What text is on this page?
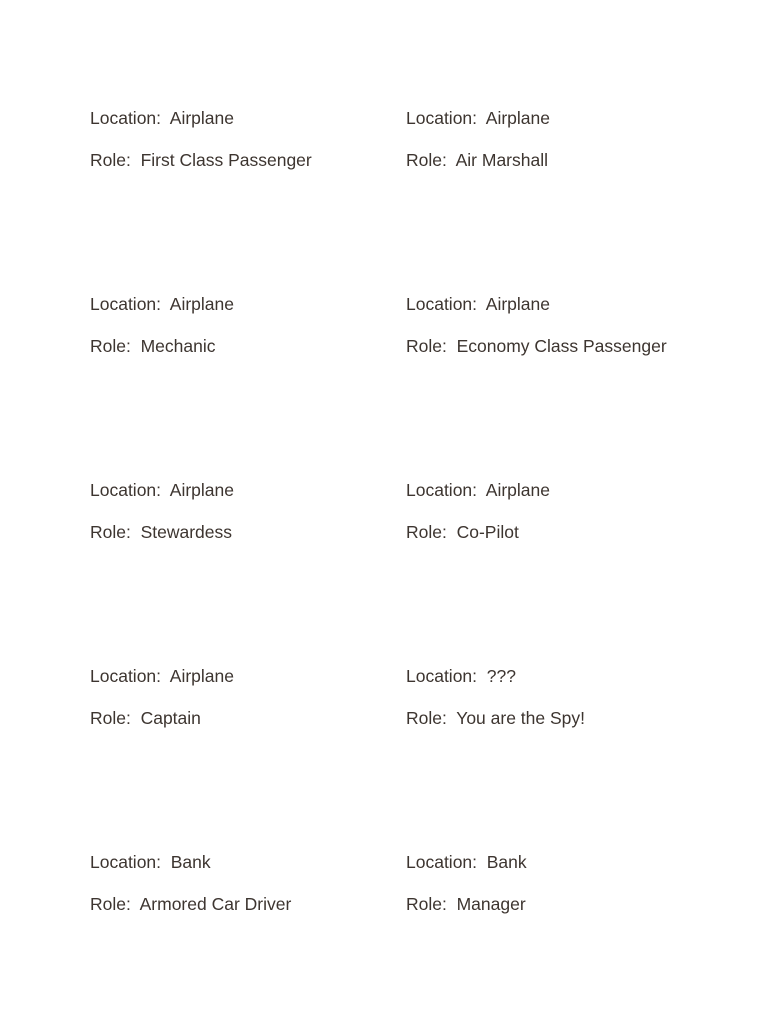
Location:  Airplane

Role:  First Class Passenger

Location:  Airplane

Role:  Air Marshall

Location:  Airplane

Role:  Mechanic

Location:  Airplane

Role:  Economy Class Passenger

Location:  Airplane

Role:  Stewardess

Location:  Airplane

Role:  Co-Pilot

Location:  Airplane

Role:  Captain

Location:  ???

Role:  You are the Spy!

Location:  Bank

Role:  Armored Car Driver

Location:  Bank

Role:  Manager
